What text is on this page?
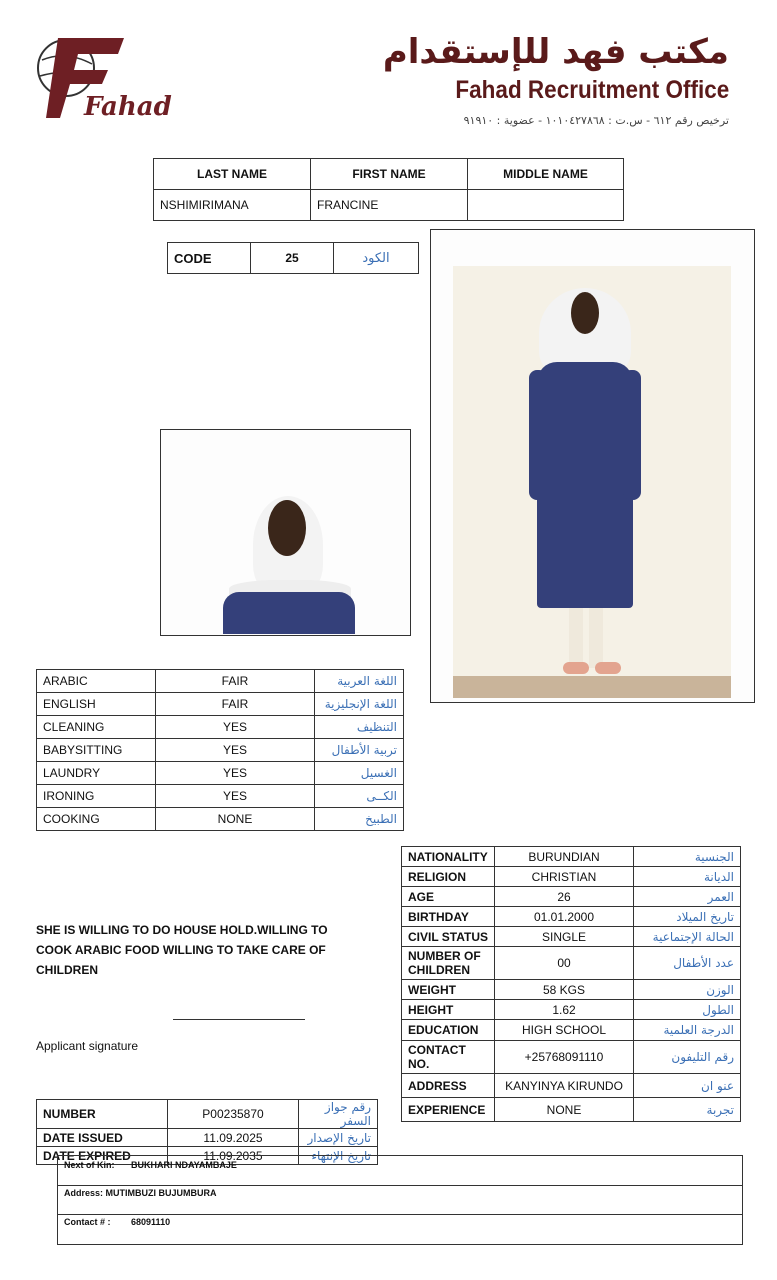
Fahad
مكتب فهد للإستقدام
Fahad Recruitment Office
ترخيص رقم ٦١٢ - س.ت : ١٠١٠٤٢٧٨٦٨ - عضوية : ٩١٩١٠
LAST NAME	FIRST NAME	MIDDLE NAME
NSHIMIRIMANA	FRANCINE	
CODE	25	الكود
ARABIC	FAIR	اللغة العربية
ENGLISH	FAIR	اللغة الإنجليزية
CLEANING	YES	التنظيف
BABYSITTING	YES	تربية الأطفال
LAUNDRY	YES	الغسيل
IRONING	YES	الكــى
COOKING	NONE	الطبيخ
NATIONALITY	BURUNDIAN	الجنسية
RELIGION	CHRISTIAN	الديانة
AGE	26	العمر
BIRTHDAY	01.01.2000	تاريخ الميلاد
CIVIL STATUS	SINGLE	الحالة الإجتماعية
NUMBER OF CHILDREN	00	عدد الأطفال
WEIGHT	58 KGS	الوزن
HEIGHT	1.62	الطول
EDUCATION	HIGH SCHOOL	الدرجة العلمية
CONTACT NO.	+25768091110	رقم التليفون
ADDRESS	KANYINYA KIRUNDO	عنو ان
EXPERIENCE	NONE	تجربة
SHE IS WILLING TO DO HOUSE HOLD.WILLING TO COOK ARABIC FOOD WILLING TO TAKE CARE OF CHILDREN
Applicant signature
NUMBER	P00235870	رقم جواز السفر
DATE ISSUED	11.09.2025	تاريخ الإصدار
DATE EXPIRED	11.09.2035	تاريخ الإنتهاء
Next of Kin: BUKHARI NDAYAMBAJE
Address: MUTIMBUZI BUJUMBURA
Contact # : 68091110
